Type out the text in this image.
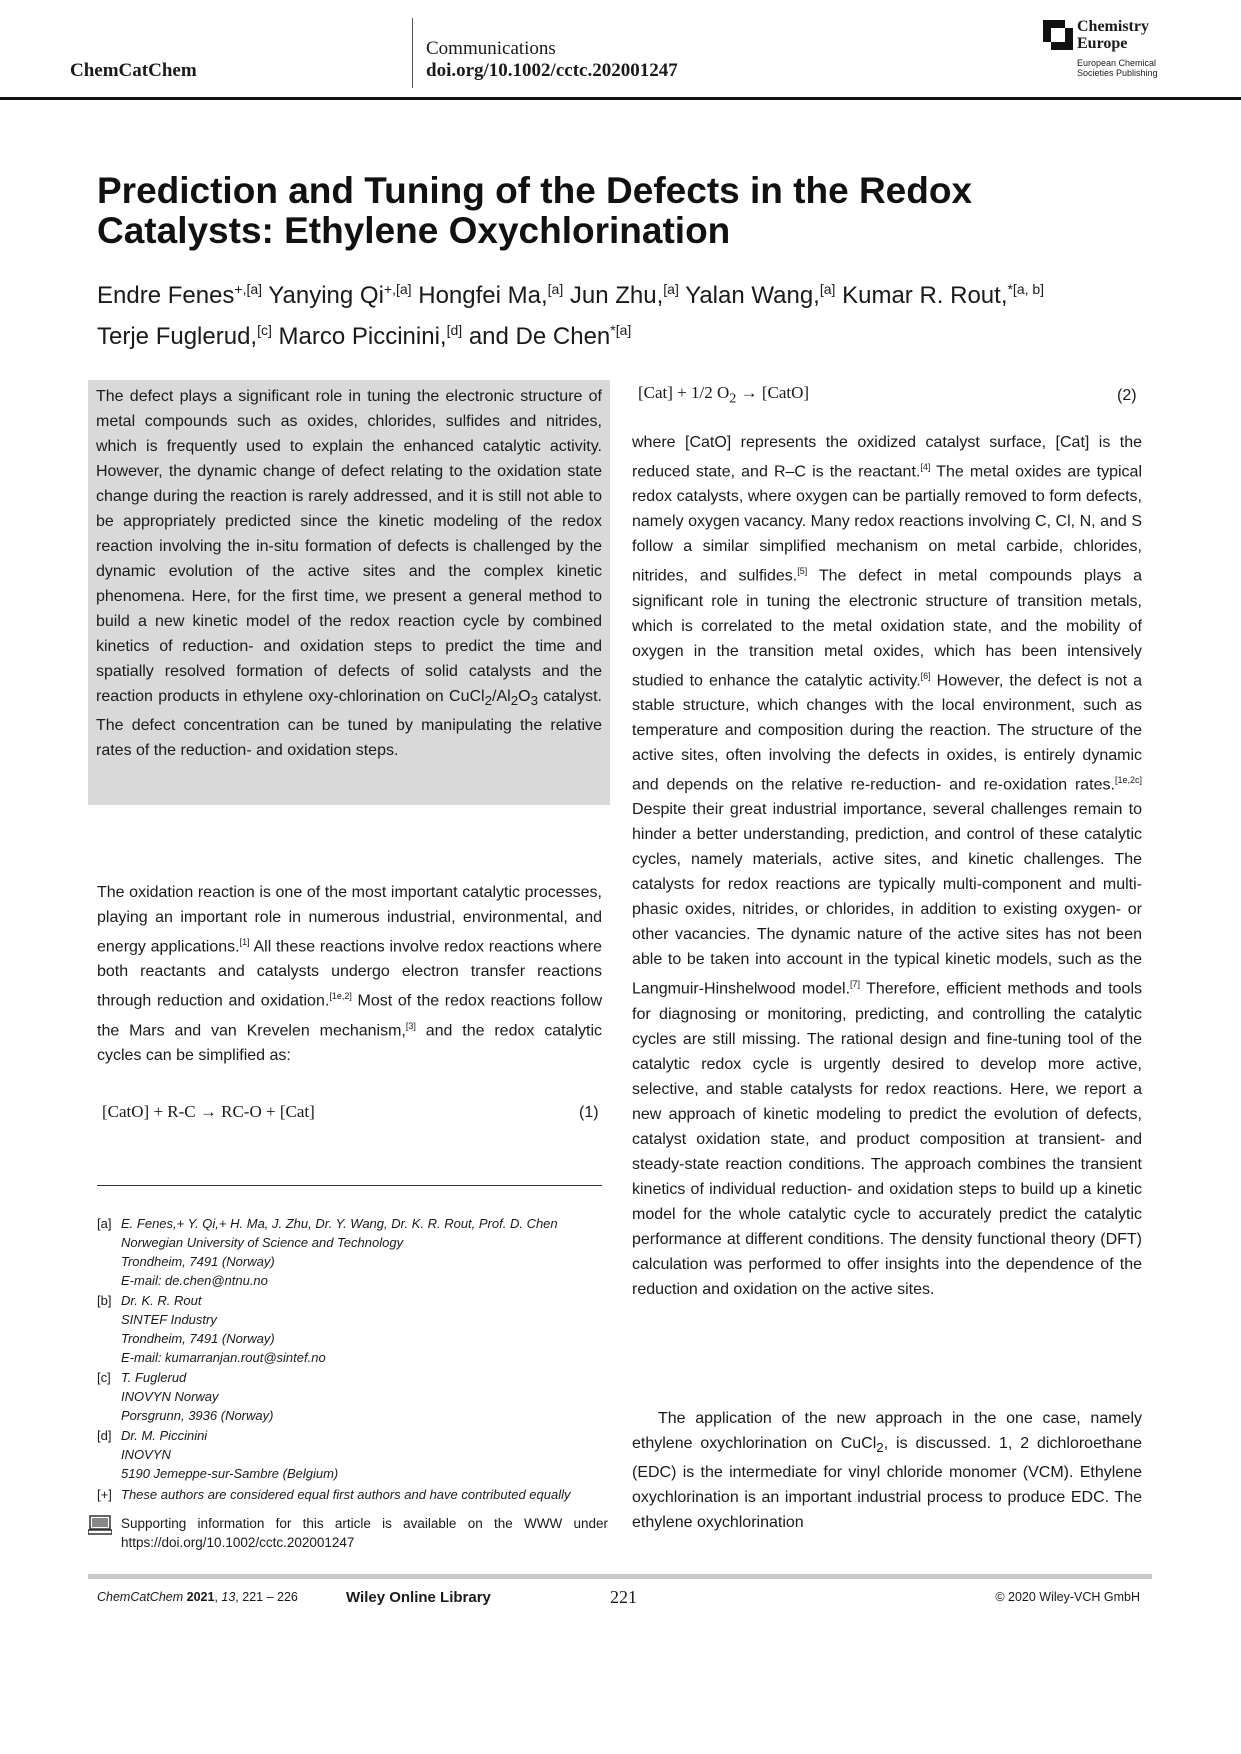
ChemCatChem
Communications
doi.org/10.1002/cctc.202001247
Chemistry
Europe
European Chemical
Societies Publishing
Prediction and Tuning of the Defects in the Redox Catalysts: Ethylene Oxychlorination
Endre Fenes$^{+,[a]}$ Yanying $Qi^{+,[a]}$ Hongfei Ma,[a] Jun Zhu,[a] Yalan Wang,[a] Kumar R. Rout,$^{*[a, b]}$
Terje Fuglerud,[c] Marco Piccinini,[d] and De Chen$^{*[a]}$

The defect plays a significant role in tuning the electronic structure of metal compounds such as oxides, chlorides, sulfides and nitrides, which is frequently used to explain the enhanced catalytic activity. However, the dynamic change of defect relating to the oxidation state change during the reaction is rarely addressed, and it is still not able to be appropriately predicted since the kinetic modeling of the redox reaction involving the in-situ formation of defects is challenged by the dynamic evolution of the active sites and the complex kinetic phenomena. Here, for the first time, we present a general method to build a new kinetic model of the redox reaction cycle by combined kinetics of reduction- and oxidation steps to predict the time and spatially resolved formation of defects of solid catalysts and the reaction products in ethylene oxy-chlorination on $CuCl_2/Al_2O_3$ catalyst. The defect concentration can be tuned by manipulating the relative rates of the reduction- and oxidation steps.

The oxidation reaction is one of the most important catalytic processes, playing an important role in numerous industrial, environmental, and energy applications.[1] All these reactions involve redox reactions where both reactants and catalysts undergo electron transfer reactions through reduction and oxidation.[1e,2] Most of the redox reactions follow the Mars and van Krevelen mechanism,[3] and the redox catalytic cycles can be simplified as:

[CatO] + R-C → RC-O + [Cat]	(1)
[Cat] + 1/2 $O_2$ → [CatO]	(2)
[a] E. Fenes,+ Y. Qi,+ H. Ma, J. Zhu, Dr. Y. Wang, Dr. K. R. Rout, Prof. D. Chen
Norwegian University of Science and Technology
Trondheim, 7491 (Norway)
E-mail: de.chen@ntnu.no
[b] Dr. K. R. Rout
SINTEF Industry
Trondheim, 7491 (Norway)
E-mail: kumarranjan.rout@sintef.no
[c] T. Fuglerud
INOVYN Norway
Porsgrunn, 3936 (Norway)
[d] Dr. M. Piccinini
INOVYN
5190 Jemeppe-sur-Sambre (Belgium)
[+] These authors are considered equal first authors and have contributed equally
Supporting information for this article is available on the WWW under https://doi.org/10.1002/cctc.202001247

where [CatO] represents the oxidized catalyst surface, [Cat] is the reduced state, and R–C is the reactant.[4] The metal oxides are typical redox catalysts, where oxygen can be partially removed to form defects, namely oxygen vacancy. Many redox reactions involving C, Cl, N, and S follow a similar simplified mechanism on metal carbide, chlorides, nitrides, and sulfides.[5] The defect in metal compounds plays a significant role in tuning the electronic structure of transition metals, which is correlated to the metal oxidation state, and the mobility of oxygen in the transition metal oxides, which has been intensively studied to enhance the catalytic activity.[6] However, the defect is not a stable structure, which changes with the local environment, such as temperature and composition during the reaction. The structure of the active sites, often involving the defects in oxides, is entirely dynamic and depends on the relative re-reduction- and re-oxidation rates.[1e,2c] Despite their great industrial importance, several challenges remain to hinder a better understanding, prediction, and control of these catalytic cycles, namely materials, active sites, and kinetic challenges. The catalysts for redox reactions are typically multi-component and multi-phasic oxides, nitrides, or chlorides, in addition to existing oxygen- or other vacancies. The dynamic nature of the active sites has not been able to be taken into account in the typical kinetic models, such as the Langmuir-Hinshelwood model.[7] Therefore, efficient methods and tools for diagnosing or monitoring, predicting, and controlling the catalytic cycles are still missing. The rational design and fine-tuning tool of the catalytic redox cycle is urgently desired to develop more active, selective, and stable catalysts for redox reactions. Here, we report a new approach of kinetic modeling to predict the evolution of defects, catalyst oxidation state, and product composition at transient- and steady-state reaction conditions. The approach combines the transient kinetics of individual reduction- and oxidation steps to build up a kinetic model for the whole catalytic cycle to accurately predict the catalytic performance at different conditions. The density functional theory (DFT) calculation was performed to offer insights into the dependence of the reduction and oxidation on the active sites.

The application of the new approach in the one case, namely ethylene oxychlorination on CuCl$_2$, is discussed. 1, 2 dichloroethane (EDC) is the intermediate for vinyl chloride monomer (VCM). Ethylene oxychlorination is an important industrial process to produce EDC. The ethylene oxychlorination

ChemCatChem 2021, 13, 221 – 226	Wiley Online Library	221	© 2020 Wiley-VCH GmbH
